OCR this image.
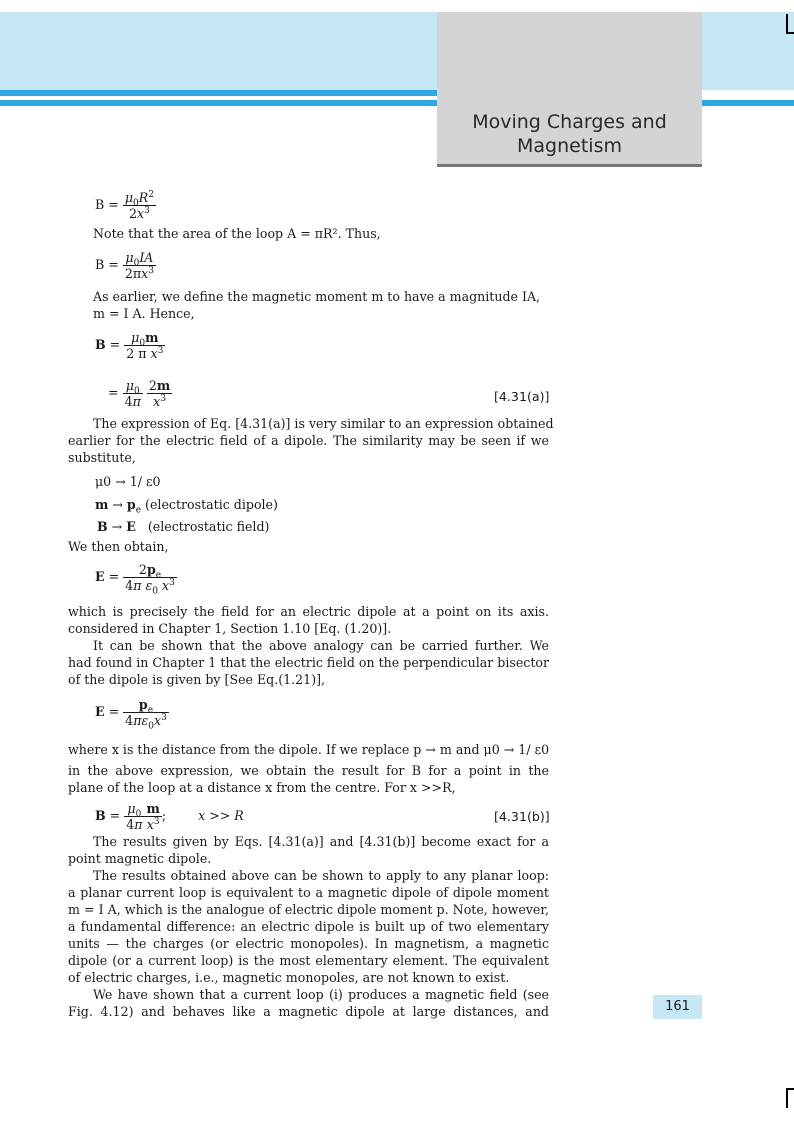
Moving Charges and
Magnetism
$B = \frac{\mu_0R^2}{2x^3}$
Note that the area of the loop A = πR². Thus,
$B = \frac{\mu_0IA}{2\pi x^3}$
As earlier, we define the magnetic moment m to have a magnitude IA,
m = I A. Hence,
$B = \frac{\mu_0m}{2 \pi x^3}$
= $\frac{\mu_0}{4\pi}$
$\frac{2m}{x^3}$	[4.31(a)]
The expression of Eq. [4.31(a)] is very similar to an expression obtained
earlier for the electric field of a dipole. The similarity may be seen if we
substitute,
μ0 → 1/ ε0
$m \to p_e$ (electrostatic dipole)
B → E (electrostatic field)
We then obtain,
$E = \frac{2p_e}{4\pi \varepsilon_0 x^3}$
which is precisely the field for an electric dipole at a point on its axis.
considered in Chapter 1, Section 1.10 [Eq. (1.20)].
It can be shown that the above analogy can be carried further. We
had found in Chapter 1 that the electric field on the perpendicular bisector
of the dipole is given by [See Eq.(1.21)],
$E = \frac{p_e}{4\pi\varepsilon_0x^3}$
where x is the distance from the dipole. If we replace p → m and μ0 → 1/ ε0
in the above expression, we obtain the result for B for a point in the
plane of the loop at a distance x from the centre. For x >>R,
$B = \frac{\mu_0}{4\pi} \frac{m}{x^3}$ ; x >> R	[4.31(b)]
The results given by Eqs. [4.31(a)] and [4.31(b)] become exact for a
point magnetic dipole.
The results obtained above can be shown to apply to any planar loop:
a planar current loop is equivalent to a magnetic dipole of dipole moment
m = I A, which is the analogue of electric dipole moment p. Note, however,
a fundamental difference: an electric dipole is built up of two elementary
units — the charges (or electric monopoles). In magnetism, a magnetic
dipole (or a current loop) is the most elementary element. The equivalent
of electric charges, i.e., magnetic monopoles, are not known to exist.
We have shown that a current loop (i) produces a magnetic field (see
Fig. 4.12) and behaves like a magnetic dipole at large distances, and	161
